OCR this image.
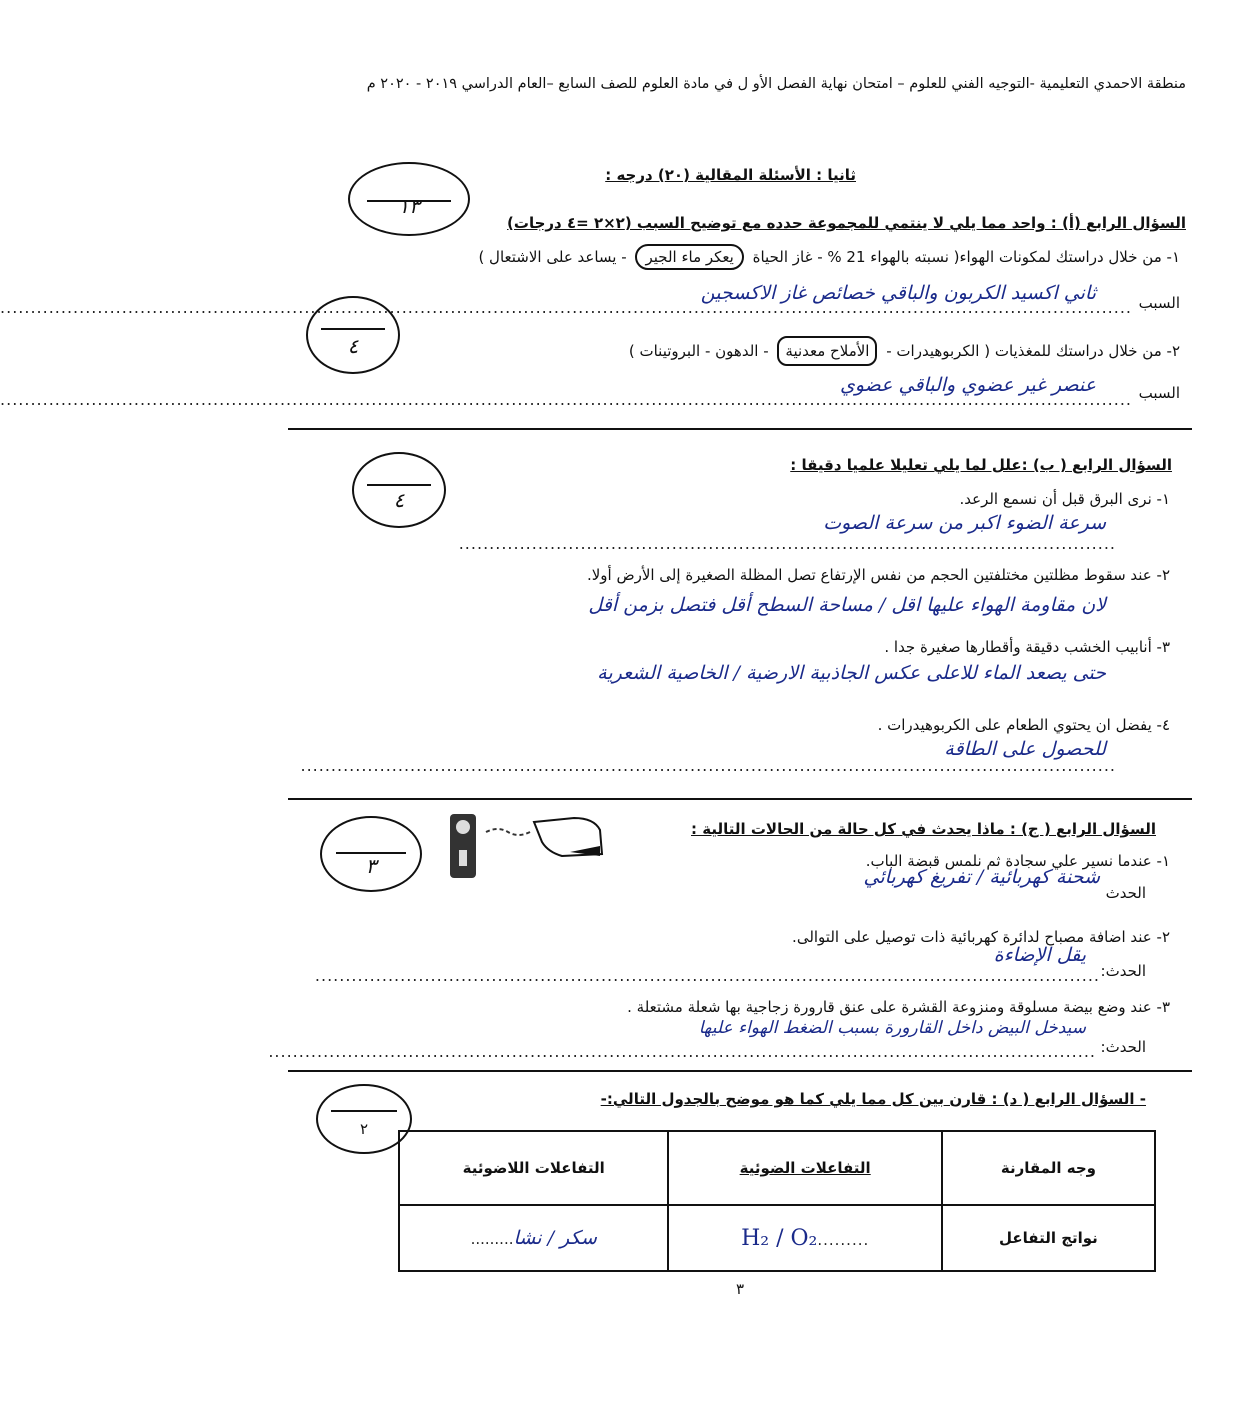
منطقة الاحمدي التعليمية -التوجيه الفني للعلوم – امتحان نهاية الفصل الأو ل في مادة العلوم للصف السابع –العام الدراسي ٢٠١٩ - ٢٠٢٠ م
ثانيا : الأسئلة المقالية (٢٠) درجه :
١٣
السؤال الرابع (أ) : واحد مما يلي لا ينتمي للمجموعة حدده مع توضيح السبب (٢×٢ =٤ درجات)
١- من خلال دراستك لمكونات الهواء( نسبته بالهواء 21 % - غاز الحياة يعكر ماء الجير - يساعد على الاشتعال )
السبب
..........................................................................................................................................................................................
ثاني اكسيد الكربون والباقي خصائص غاز الاكسجين
٤	٢- من خلال دراستك للمغذيات ( الكربوهيدرات - الأملاح معدنية - الدهون - البروتينات )
السبب
..........................................................................................................................................................................................
عنصر غير عضوي والباقي عضوي
السؤال الرابع ( ب) :علل لما يلي تعليلا علميا دقيقا :
٤	١- نرى البرق قبل أن نسمع الرعد.
............................................................................................................
سرعة الضوء اكبر من سرعة الصوت
٢- عند سقوط مظلتين مختلفتين الحجم من نفس الإرتفاع تصل المظلة الصغيرة إلى الأرض أولا.
لان مقاومة الهواء عليها اقل / مساحة السطح أقل فتصل بزمن أقل
٣- أنابيب الخشب دقيقة وأقطارها صغيرة جدا .
حتى يصعد الماء للاعلى عكس الجاذبية الارضية / الخاصية الشعرية
٤- يفضل ان يحتوي الطعام على الكربوهيدرات .
......................................................................................................................................
للحصول على الطاقة
السؤال الرابع ( ج) : ماذا يحدث في كل حالة من الحالات التالية :
٣	١- عندما نسير علي سجادة ثم نلمس قبضة الباب.
الحدث
شحنة كهربائية / تفريغ كهربائي
٢- عند اضافة مصباح لدائرة كهربائية ذات توصيل على التوالى.
الحدث:
.................................................................................................................................
يقل الإضاءة
٣- عند وضع بيضة مسلوقة ومنزوعة القشرة على عنق قارورة زجاجية بها شعلة مشتعلة .
الحدث:
........................................................................................................................................
سيدخل البيض داخل القارورة بسبب الضغط الهواء عليها
- السؤال الرابع ( د) : قارن بين كل مما يلي كما هو موضح بالجدول التالي:-
٢
وجه المقارنة	التفاعلات الضوئية	التفاعلات اللاضوئية
نواتج التفاعل	.........H₂ / O₂	سكر / نشا.........
٣
